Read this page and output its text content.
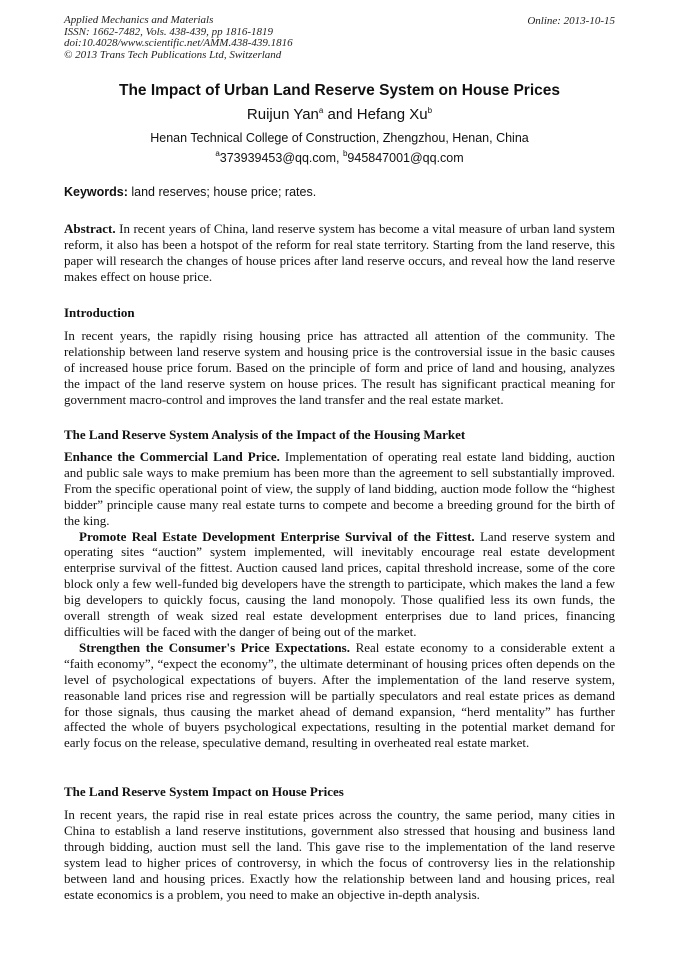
Applied Mechanics and Materials
ISSN: 1662-7482, Vols. 438-439, pp 1816-1819
doi:10.4028/www.scientific.net/AMM.438-439.1816
© 2013 Trans Tech Publications Ltd, Switzerland
Online: 2013-10-15
The Impact of Urban Land Reserve System on House Prices
Ruijun Yan$^a$ and Hefang Xu$^b$
Henan Technical College of Construction, Zhengzhou, Henan, China
$^a$373939453@qq.com, $^b$945847001@qq.com
Keywords: land reserves; house price; rates.
Abstract. In recent years of China, land reserve system has become a vital measure of urban land system reform, it also has been a hotspot of the reform for real state territory. Starting from the land reserve, this paper will research the changes of house prices after land reserve occurs, and reveal how the land reserve makes effect on house price.
Introduction

In recent years, the rapidly rising housing price has attracted all attention of the community. The relationship between land reserve system and housing price is the controversial issue in the basic causes of increased house price forum. Based on the principle of form and price of land and housing, analyzes the impact of the land reserve system on house prices. The result has significant practical meaning for government macro-control and improves the land transfer and the real estate market.

The Land Reserve System Analysis of the Impact of the Housing Market

Enhance the Commercial Land Price. Implementation of operating real estate land bidding, auction and public sale ways to make premium has been more than the agreement to sell substantially improved. From the specific operational point of view, the supply of land bidding, auction mode follow the “highest bidder” principle cause many real estate turns to compete and become a breeding ground for the birth of the king.

Promote Real Estate Development Enterprise Survival of the Fittest. Land reserve system and operating sites “auction” system implemented, will inevitably encourage real estate development enterprise survival of the fittest. Auction caused land prices, capital threshold increase, some of the core block only a few well-funded big developers have the strength to participate, which makes the land a few big developers to quickly focus, causing the land monopoly. Those qualified less its own funds, the overall strength of weak sized real estate development enterprises due to land prices, financing difficulties will be faced with the danger of being out of the market.

Strengthen the Consumer's Price Expectations. Real estate economy to a considerable extent a “faith economy”, “expect the economy”, the ultimate determinant of housing prices often depends on the level of psychological expectations of buyers. After the implementation of the land reserve system, reasonable land prices rise and regression will be partially speculators and real estate prices as demand for those signals, thus causing the market ahead of demand expansion, “herd mentality” has further affected the whole of buyers psychological expectations, resulting in the potential market demand for early focus on the release, speculative demand, resulting in overheated real estate market.

The Land Reserve System Impact on House Prices

In recent years, the rapid rise in real estate prices across the country, the same period, many cities in China to establish a land reserve institutions, government also stressed that housing and business land through bidding, auction must sell the land. This gave rise to the implementation of the land reserve system lead to higher prices of controversy, in which the focus of controversy lies in the relationship between land and housing prices. Exactly how the relationship between land and housing prices, real estate economics is a problem, you need to make an objective in-depth analysis.
